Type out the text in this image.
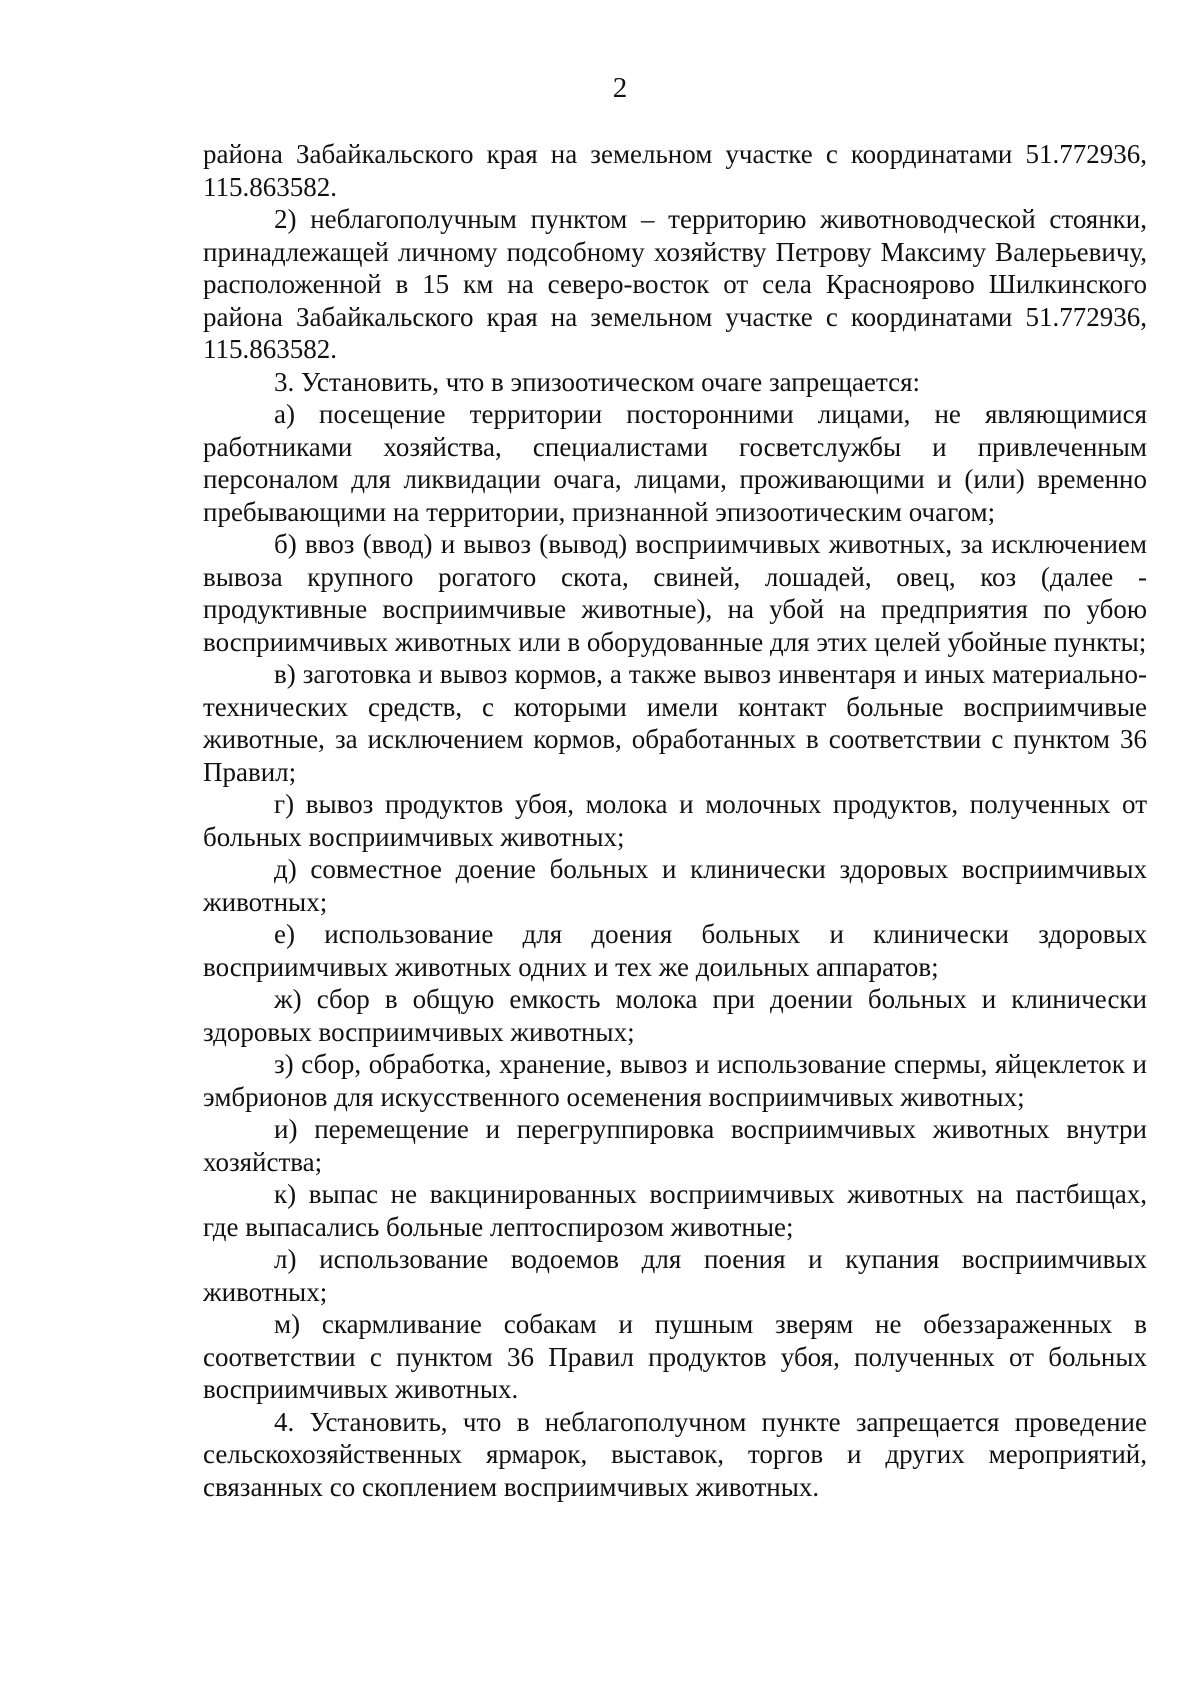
2

района Забайкальского края на земельном участке с координатами 51.772936, 115.863582.

2) неблагополучным пунктом – территорию животноводческой стоянки, принадлежащей личному подсобному хозяйству Петрову Максиму Валерьевичу, расположенной в 15 км на северо-восток от села Краснoярово Шилкинского района Забайкальского края на земельном участке с координатами 51.772936, 115.863582.

3. Установить, что в эпизоотическом очаге запрещается:

а) посещение территории посторонними лицами, не являющимися работниками хозяйства, специалистами госветслужбы и привлеченным персоналом для ликвидации очага, лицами, проживающими и (или) временно пребывающими на территории, признанной эпизоотическим очагом;

б) ввоз (ввод) и вывоз (вывод) восприимчивых животных, за исключением вывоза крупного рогатого скота, свиней, лошадей, овец, коз (далее - продуктивные восприимчивые животные), на убой на предприятия по убою восприимчивых животных или в оборудованные для этих целей убойные пункты;

в) заготовка и вывоз кормов, а также вывоз инвентаря и иных материально-технических средств, с которыми имели контакт больные восприимчивые животные, за исключением кормов, обработанных в соответствии с пунктом 36 Правил;

г) вывоз продуктов убоя, молока и молочных продуктов, полученных от больных восприимчивых животных;

д) совместное доение больных и клинически здоровых восприимчивых животных;

е) использование для доения больных и клинически здоровых восприимчивых животных одних и тех же доильных аппаратов;

ж) сбор в общую емкость молока при доении больных и клинически здоровых восприимчивых животных;

з) сбор, обработка, хранение, вывоз и использование спермы, яйцеклеток и эмбрионов для искусственного осеменения восприимчивых животных;

и) перемещение и перегруппировка восприимчивых животных внутри хозяйства;

к) выпас не вакцинированных восприимчивых животных на пастбищах, где выпасались больные лептоспирозом животные;

л) использование водоемов для поения и купания восприимчивых животных;

м) скармливание собакам и пушным зверям не обеззараженных в соответствии с пунктом 36 Правил продуктов убоя, полученных от больных восприимчивых животных.

4. Установить, что в неблагополучном пункте запрещается проведение сельскохозяйственных ярмарок, выставок, торгов и других мероприятий, связанных со скоплением восприимчивых животных.
